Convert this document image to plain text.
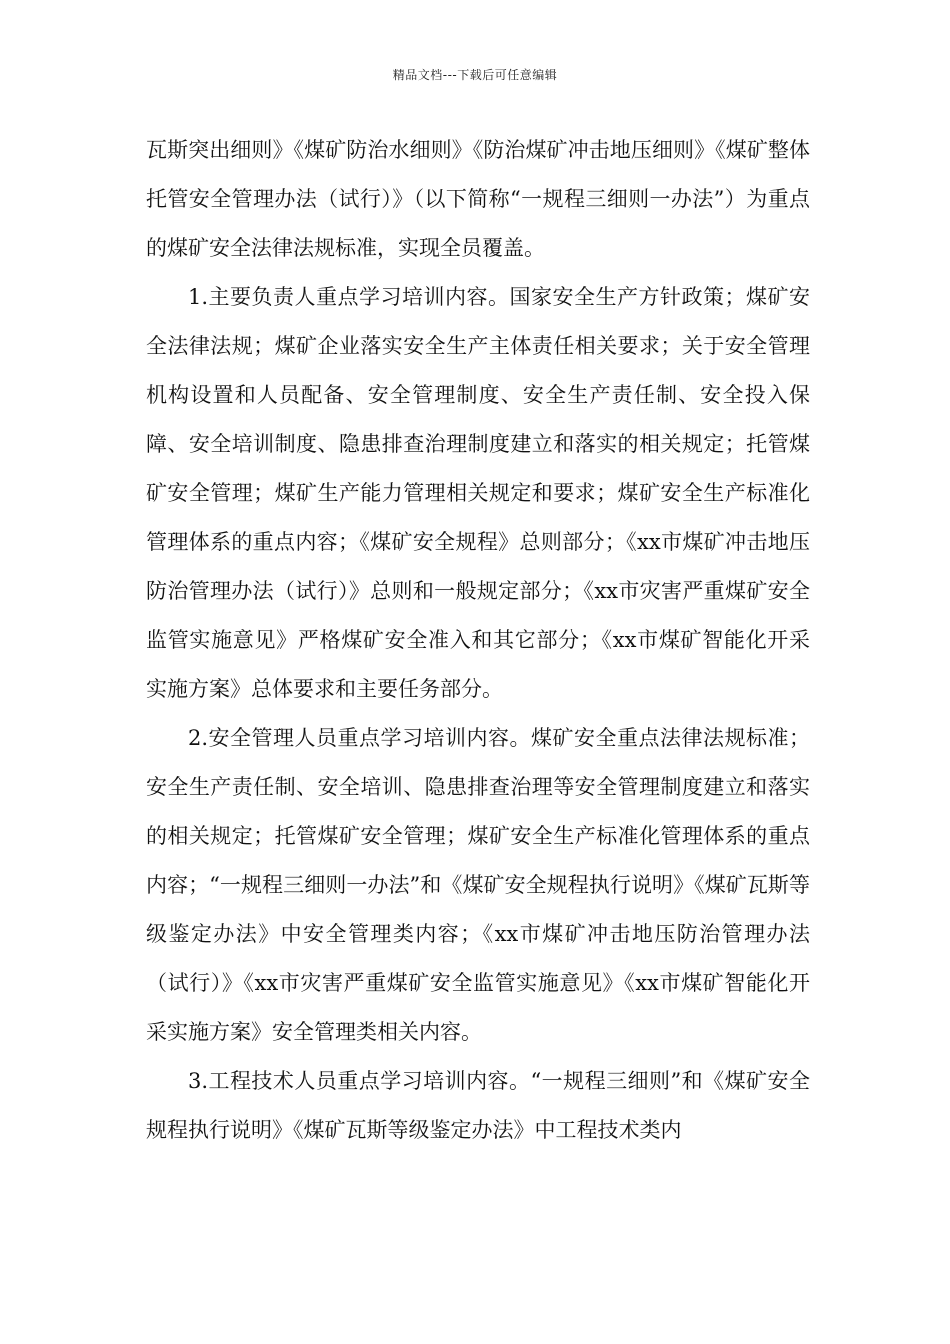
精品文档---下载后可任意编辑

瓦斯突出细则》《煤矿防治水细则》《防治煤矿冲击地压细则》《煤矿整体托管安全管理办法（试行）》（以下简称“一规程三细则一办法”）为重点的煤矿安全法律法规标准，实现全员覆盖。

1.主要负责人重点学习培训内容。国家安全生产方针政策；煤矿安全法律法规；煤矿企业落实安全生产主体责任相关要求；关于安全管理机构设置和人员配备、安全管理制度、安全生产责任制、安全投入保障、安全培训制度、隐患排查治理制度建立和落实的相关规定；托管煤矿安全管理；煤矿生产能力管理相关规定和要求；煤矿安全生产标准化管理体系的重点内容；《煤矿安全规程》总则部分；《xx市煤矿冲击地压防治管理办法（试行）》总则和一般规定部分；《xx市灾害严重煤矿安全监管实施意见》严格煤矿安全准入和其它部分；《xx市煤矿智能化开采实施方案》总体要求和主要任务部分。

2.安全管理人员重点学习培训内容。煤矿安全重点法律法规标准；安全生产责任制、安全培训、隐患排查治理等安全管理制度建立和落实的相关规定；托管煤矿安全管理；煤矿安全生产标准化管理体系的重点内容；“一规程三细则一办法”和《煤矿安全规程执行说明》《煤矿瓦斯等级鉴定办法》中安全管理类内容；《xx市煤矿冲击地压防治管理办法（试行）》《xx市灾害严重煤矿安全监管实施意见》《xx市煤矿智能化开采实施方案》安全管理类相关内容。

3.工程技术人员重点学习培训内容。“一规程三细则”和《煤矿安全规程执行说明》《煤矿瓦斯等级鉴定办法》中工程技术类内
